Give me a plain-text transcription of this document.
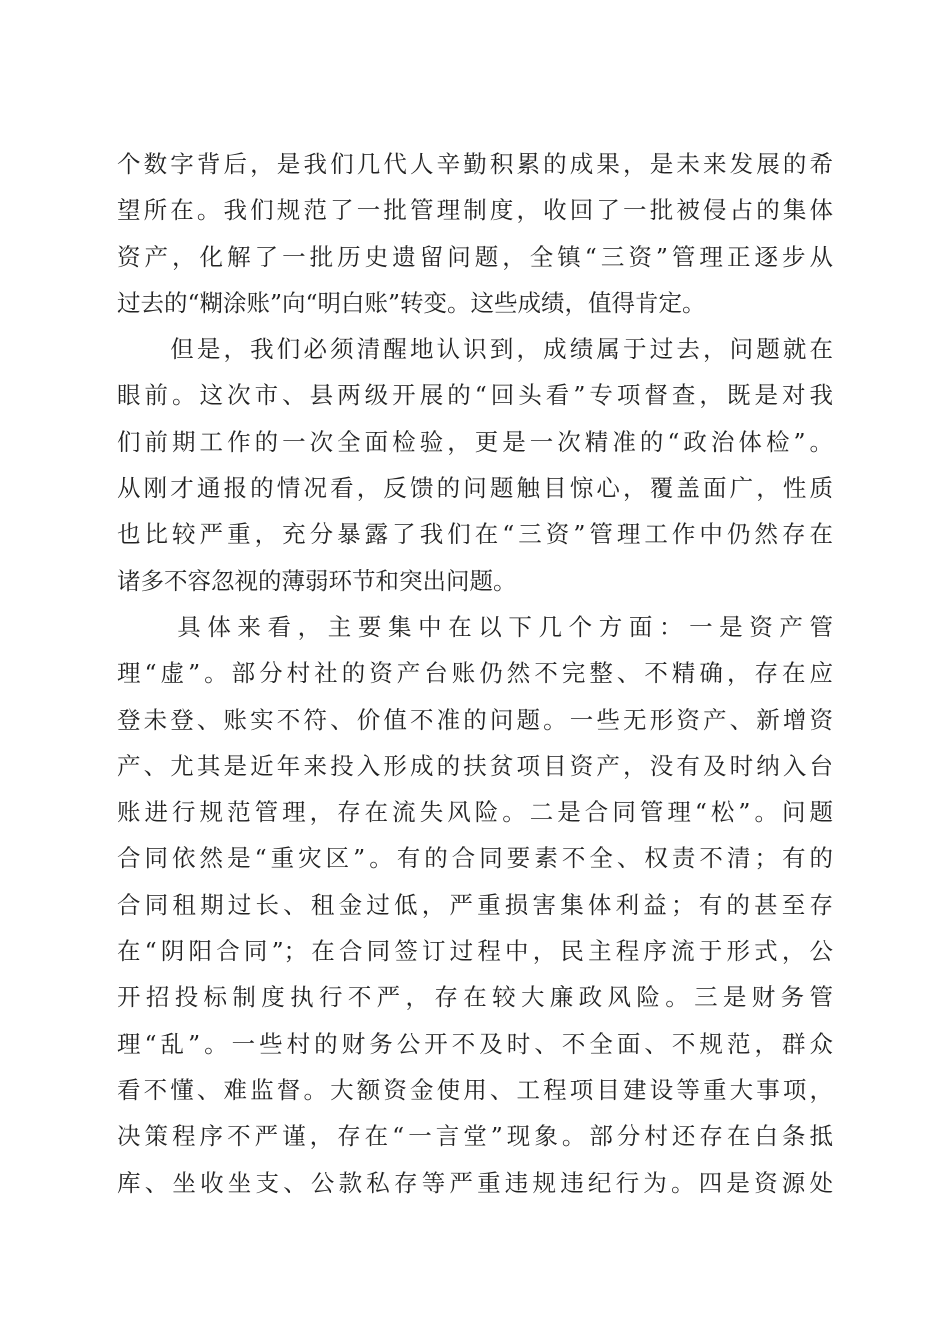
个数字背后，是我们几代人辛勤积累的成果，是未来发展的希
望所在。我们规范了一批管理制度，收回了一批被侵占的集体
资产，化解了一批历史遗留问题，全镇“三资”管理正逐步从
过去的“糊涂账”向“明白账”转变。这些成绩，值得肯定。
　　但是，我们必须清醒地认识到，成绩属于过去，问题就在
眼前。这次市、县两级开展的“回头看”专项督查，既是对我
们前期工作的一次全面检验，更是一次精准的“政治体检”。
从刚才通报的情况看，反馈的问题触目惊心，覆盖面广，性质
也比较严重，充分暴露了我们在“三资”管理工作中仍然存在
诸多不容忽视的薄弱环节和突出问题。
　　具体来看，主要集中在以下几个方面：一是资产管
理“虚”。部分村社的资产台账仍然不完整、不精确，存在应
登未登、账实不符、价值不准的问题。一些无形资产、新增资
产、尤其是近年来投入形成的扶贫项目资产，没有及时纳入台
账进行规范管理，存在流失风险。二是合同管理“松”。问题
合同依然是“重灾区”。有的合同要素不全、权责不清；有的
合同租期过长、租金过低，严重损害集体利益；有的甚至存
在“阴阳合同”；在合同签订过程中，民主程序流于形式，公
开招投标制度执行不严，存在较大廉政风险。三是财务管
理“乱”。一些村的财务公开不及时、不全面、不规范，群众
看不懂、难监督。大额资金使用、工程项目建设等重大事项，
决策程序不严谨，存在“一言堂”现象。部分村还存在白条抵
库、坐收坐支、公款私存等严重违规违纪行为。四是资源处
